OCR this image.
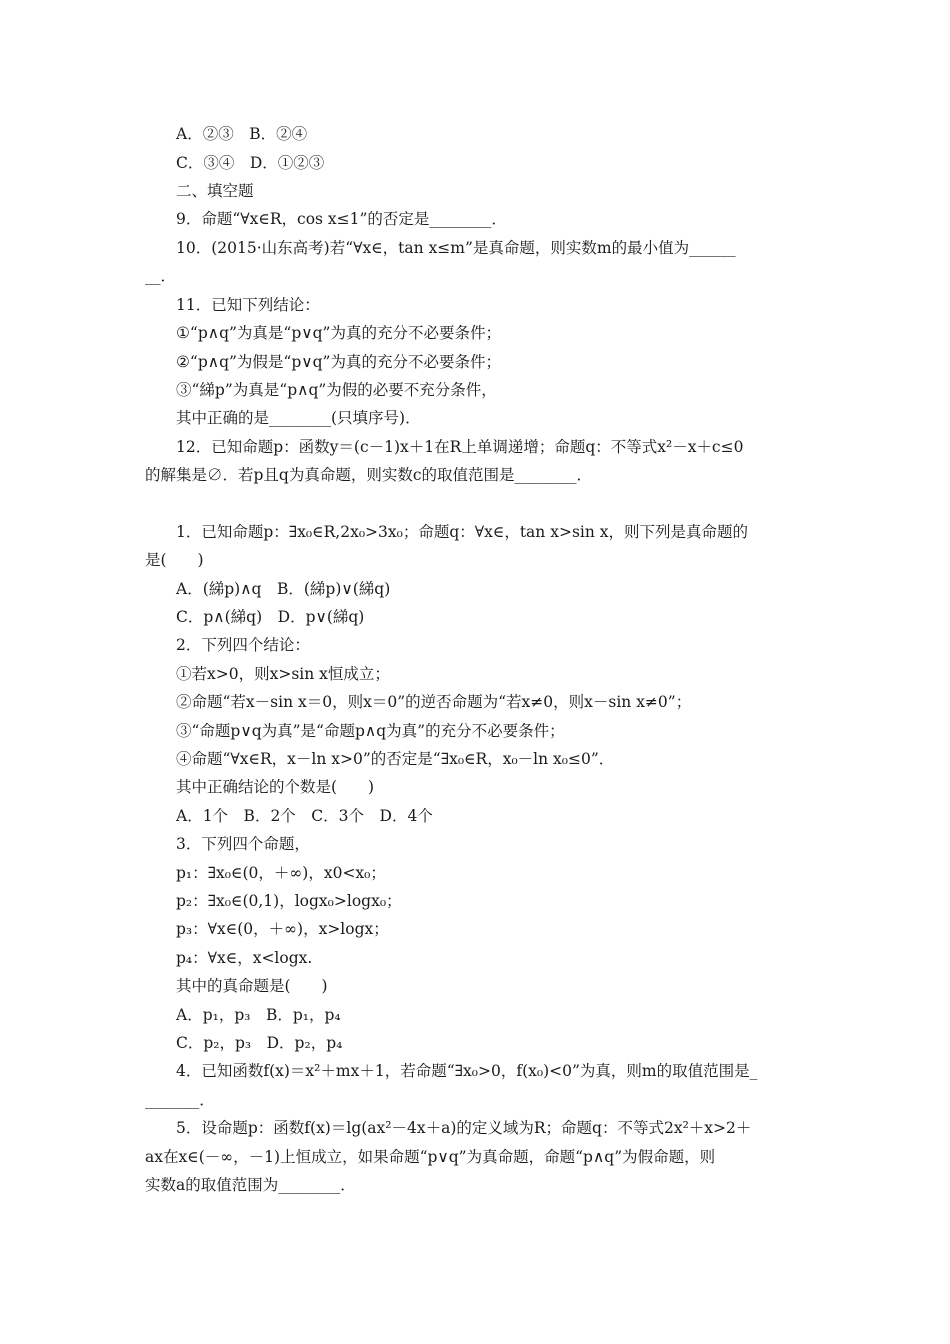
A．②③　B．②④
C．③④　D．①②③
二、填空题
9．命题“∀x∈R，cos x≤1”的否定是________．
10．(2015·山东高考)若“∀x∈，tan x≤m”是真命题，则实数m的最小值为______
__．
11．已知下列结论：
①“p∧q”为真是“p∨q”为真的充分不必要条件；
②“p∧q”为假是“p∨q”为真的充分不必要条件；
③“綈p”为真是“p∧q”为假的必要不充分条件，
其中正确的是________(只填序号)．
12．已知命题p：函数y＝(c－1)x＋1在R上单调递增；命题q：不等式x²－x＋c≤0
的解集是∅．若p且q为真命题，则实数c的取值范围是________．
1．已知命题p：∃x₀∈R,2x₀>3x₀；命题q：∀x∈，tan x>sin x，则下列是真命题的
是(　　)
A．(綈p)∧q　B．(綈p)∨(綈q)
C．p∧(綈q)　D．p∨(綈q)
2．下列四个结论：
①若x>0，则x>sin x恒成立；
②命题“若x－sin x＝0，则x＝0”的逆否命题为“若x≠0，则x－sin x≠0”；
③“命题p∨q为真”是“命题p∧q为真”的充分不必要条件；
④命题“∀x∈R，x－ln x>0”的否定是“∃x₀∈R，x₀－ln x₀≤0”．
其中正确结论的个数是(　　)
A．1个　B．2个　C．3个　D．4个
3．下列四个命题，
p₁：∃x₀∈(0，＋∞)，x0<x₀；
p₂：∃x₀∈(0,1)，logx₀>logx₀；
p₃：∀x∈(0，＋∞)，x>logx；
p₄：∀x∈，x<logx.
其中的真命题是(　　)
A．p₁，p₃　B．p₁，p₄
C．p₂，p₃　D．p₂，p₄
4．已知函数f(x)＝x²＋mx＋1，若命题“∃x₀>0，f(x₀)<0”为真，则m的取值范围是_
_______．
5．设命题p：函数f(x)＝lg(ax²－4x＋a)的定义域为R；命题q：不等式2x²＋x>2＋
ax在x∈(－∞，－1)上恒成立，如果命题“p∨q”为真命题，命题“p∧q”为假命题，则
实数a的取值范围为________．
